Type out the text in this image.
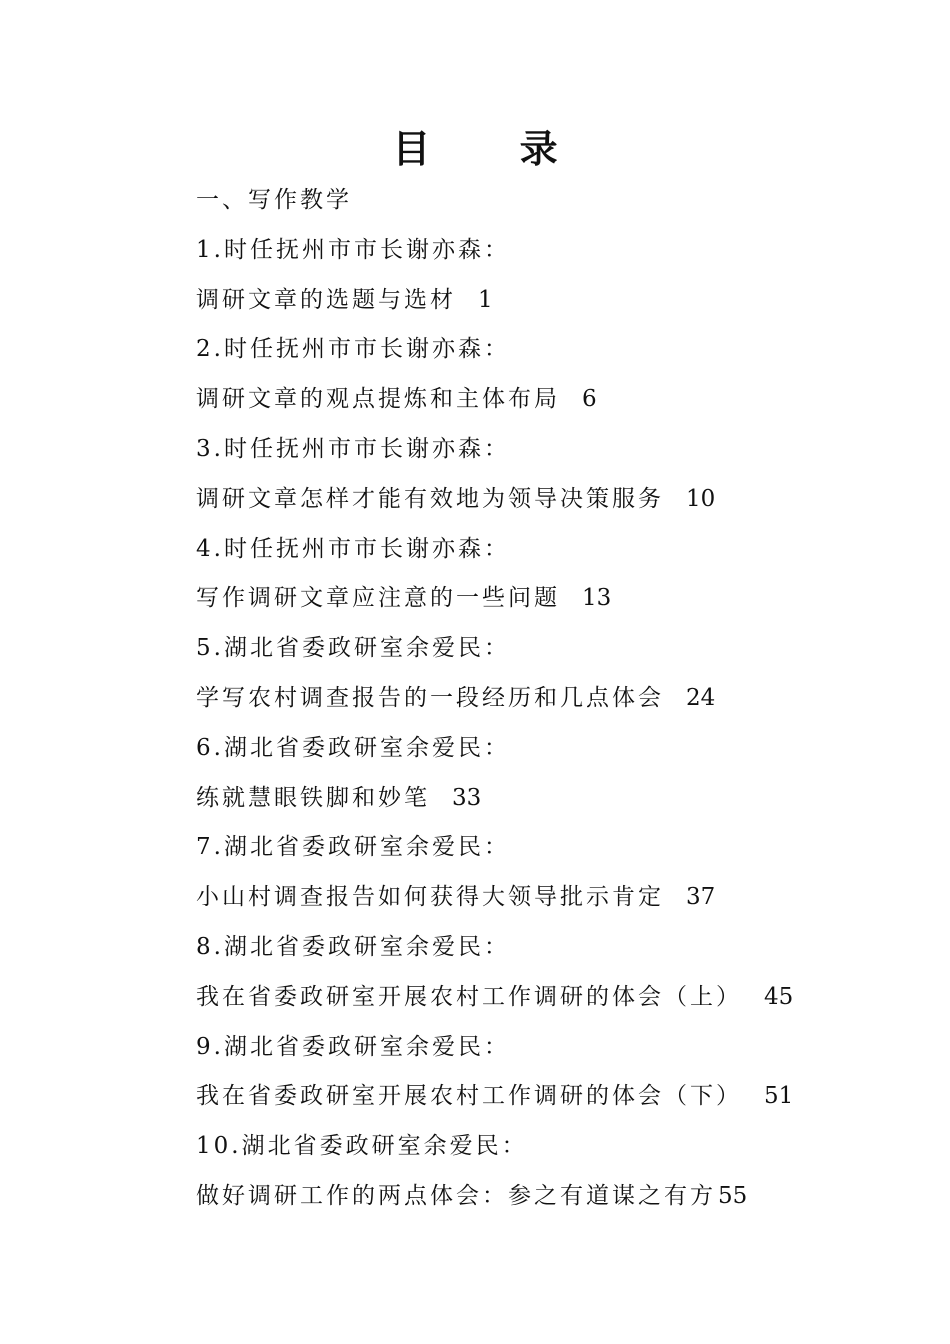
目 录
一、写作教学
1.时任抚州市市长谢亦森：
调研文章的选题与选材 1
2.时任抚州市市长谢亦森：
调研文章的观点提炼和主体布局 6
3.时任抚州市市长谢亦森：
调研文章怎样才能有效地为领导决策服务 10
4.时任抚州市市长谢亦森：
写作调研文章应注意的一些问题 13
5.湖北省委政研室余爱民：
学写农村调查报告的一段经历和几点体会 24
6.湖北省委政研室余爱民：
练就慧眼铁脚和妙笔 33
7.湖北省委政研室余爱民：
小山村调查报告如何获得大领导批示肯定 37
8.湖北省委政研室余爱民：
我在省委政研室开展农村工作调研的体会（上） 45
9.湖北省委政研室余爱民：
我在省委政研室开展农村工作调研的体会（下） 51
10.湖北省委政研室余爱民：
做好调研工作的两点体会：参之有道谋之有方55
